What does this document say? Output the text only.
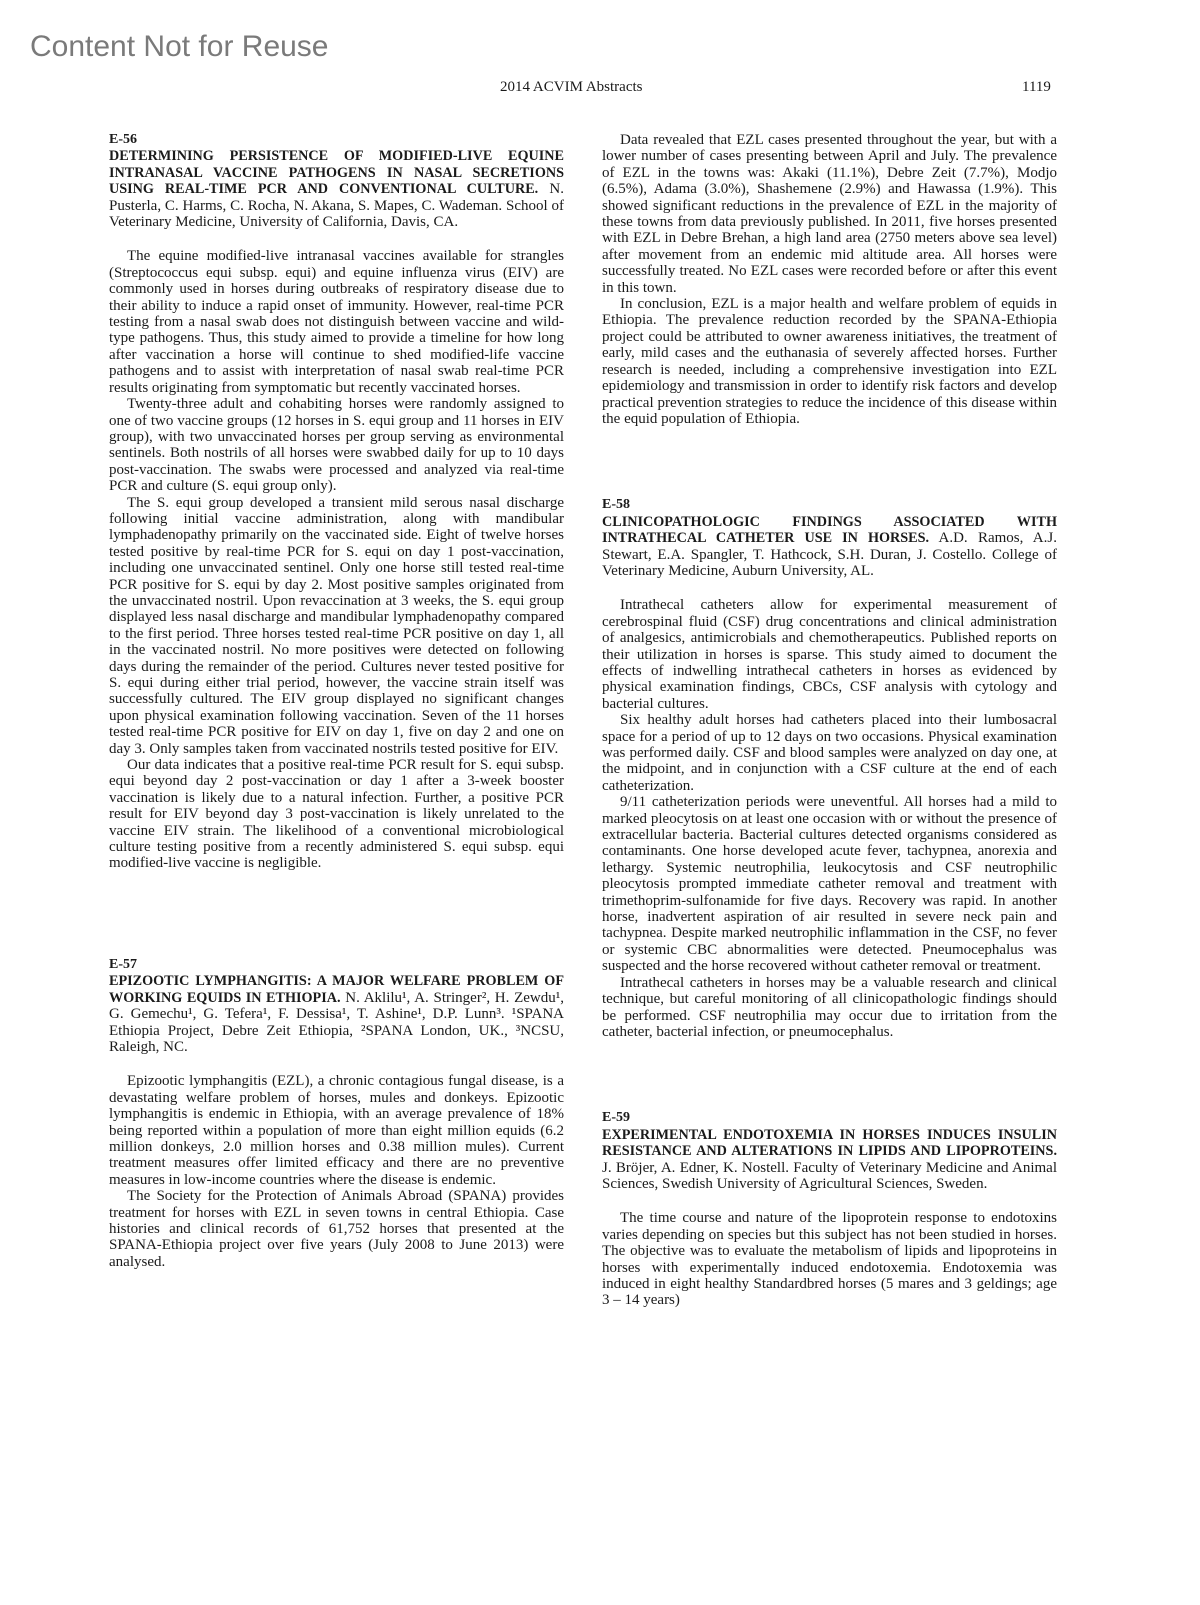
Content Not for Reuse
2014 ACVIM Abstracts	1119
E-56
DETERMINING PERSISTENCE OF MODIFIED-LIVE EQUINE INTRANASAL VACCINE PATHOGENS IN NASAL SECRETIONS USING REAL-TIME PCR AND CONVENTIONAL CULTURE. N. Pusterla, C. Harms, C. Rocha, N. Akana, S. Mapes, C. Wademan. School of Veterinary Medicine, University of California, Davis, CA.

The equine modified-live intranasal vaccines available for strangles (Streptococcus equi subsp. equi) and equine influenza virus (EIV) are commonly used in horses during outbreaks of respiratory disease due to their ability to induce a rapid onset of immunity. However, real-time PCR testing from a nasal swab does not distinguish between vaccine and wild-type pathogens. Thus, this study aimed to provide a timeline for how long after vaccination a horse will continue to shed modified-life vaccine pathogens and to assist with interpretation of nasal swab real-time PCR results originating from symptomatic but recently vaccinated horses.

Twenty-three adult and cohabiting horses were randomly assigned to one of two vaccine groups (12 horses in S. equi group and 11 horses in EIV group), with two unvaccinated horses per group serving as environmental sentinels. Both nostrils of all horses were swabbed daily for up to 10 days post-vaccination. The swabs were processed and analyzed via real-time PCR and culture (S. equi group only).

The S. equi group developed a transient mild serous nasal discharge following initial vaccine administration, along with mandibular lymphadenopathy primarily on the vaccinated side. Eight of twelve horses tested positive by real-time PCR for S. equi on day 1 post-vaccination, including one unvaccinated sentinel. Only one horse still tested real-time PCR positive for S. equi by day 2. Most positive samples originated from the unvaccinated nostril. Upon revaccination at 3 weeks, the S. equi group displayed less nasal discharge and mandibular lymphadenopathy compared to the first period. Three horses tested real-time PCR positive on day 1, all in the vaccinated nostril. No more positives were detected on following days during the remainder of the period. Cultures never tested positive for S. equi during either trial period, however, the vaccine strain itself was successfully cultured. The EIV group displayed no significant changes upon physical examination following vaccination. Seven of the 11 horses tested real-time PCR positive for EIV on day 1, five on day 2 and one on day 3. Only samples taken from vaccinated nostrils tested positive for EIV.

Our data indicates that a positive real-time PCR result for S. equi subsp. equi beyond day 2 post-vaccination or day 1 after a 3-week booster vaccination is likely due to a natural infection. Further, a positive PCR result for EIV beyond day 3 post-vaccination is likely unrelated to the vaccine EIV strain. The likelihood of a conventional microbiological culture testing positive from a recently administered S. equi subsp. equi modified-live vaccine is negligible.

E-57
EPIZOOTIC LYMPHANGITIS: A MAJOR WELFARE PROBLEM OF WORKING EQUIDS IN ETHIOPIA. N. Aklilu¹, A. Stringer², H. Zewdu¹, G. Gemechu¹, G. Tefera¹, F. Dessisa¹, T. Ashine¹, D.P. Lunn³. ¹SPANA Ethiopia Project, Debre Zeit Ethiopia, ²SPANA London, UK., ³NCSU, Raleigh, NC.

Epizootic lymphangitis (EZL), a chronic contagious fungal disease, is a devastating welfare problem of horses, mules and donkeys. Epizootic lymphangitis is endemic in Ethiopia, with an average prevalence of 18% being reported within a population of more than eight million equids (6.2 million donkeys, 2.0 million horses and 0.38 million mules). Current treatment measures offer limited efficacy and there are no preventive measures in low-income countries where the disease is endemic.

The Society for the Protection of Animals Abroad (SPANA) provides treatment for horses with EZL in seven towns in central Ethiopia. Case histories and clinical records of 61,752 horses that presented at the SPANA-Ethiopia project over five years (July 2008 to June 2013) were analysed.

Data revealed that EZL cases presented throughout the year, but with a lower number of cases presenting between April and July. The prevalence of EZL in the towns was: Akaki (11.1%), Debre Zeit (7.7%), Modjo (6.5%), Adama (3.0%), Shashemene (2.9%) and Hawassa (1.9%). This showed significant reductions in the prevalence of EZL in the majority of these towns from data previously published. In 2011, five horses presented with EZL in Debre Brehan, a high land area (2750 meters above sea level) after movement from an endemic mid altitude area. All horses were successfully treated. No EZL cases were recorded before or after this event in this town.

In conclusion, EZL is a major health and welfare problem of equids in Ethiopia. The prevalence reduction recorded by the SPANA-Ethiopia project could be attributed to owner awareness initiatives, the treatment of early, mild cases and the euthanasia of severely affected horses. Further research is needed, including a comprehensive investigation into EZL epidemiology and transmission in order to identify risk factors and develop practical prevention strategies to reduce the incidence of this disease within the equid population of Ethiopia.

E-58
CLINICOPATHOLOGIC FINDINGS ASSOCIATED WITH INTRATHECAL CATHETER USE IN HORSES. A.D. Ramos, A.J. Stewart, E.A. Spangler, T. Hathcock, S.H. Duran, J. Costello. College of Veterinary Medicine, Auburn University, AL.

Intrathecal catheters allow for experimental measurement of cerebrospinal fluid (CSF) drug concentrations and clinical administration of analgesics, antimicrobials and chemotherapeutics. Published reports on their utilization in horses is sparse. This study aimed to document the effects of indwelling intrathecal catheters in horses as evidenced by physical examination findings, CBCs, CSF analysis with cytology and bacterial cultures.

Six healthy adult horses had catheters placed into their lumbosacral space for a period of up to 12 days on two occasions. Physical examination was performed daily. CSF and blood samples were analyzed on day one, at the midpoint, and in conjunction with a CSF culture at the end of each catheterization.

9/11 catheterization periods were uneventful. All horses had a mild to marked pleocytosis on at least one occasion with or without the presence of extracellular bacteria. Bacterial cultures detected organisms considered as contaminants. One horse developed acute fever, tachypnea, anorexia and lethargy. Systemic neutrophilia, leukocytosis and CSF neutrophilic pleocytosis prompted immediate catheter removal and treatment with trimethoprim-sulfonamide for five days. Recovery was rapid. In another horse, inadvertent aspiration of air resulted in severe neck pain and tachypnea. Despite marked neutrophilic inflammation in the CSF, no fever or systemic CBC abnormalities were detected. Pneumocephalus was suspected and the horse recovered without catheter removal or treatment.

Intrathecal catheters in horses may be a valuable research and clinical technique, but careful monitoring of all clinicopathologic findings should be performed. CSF neutrophilia may occur due to irritation from the catheter, bacterial infection, or pneumocephalus.

E-59
EXPERIMENTAL ENDOTOXEMIA IN HORSES INDUCES INSULIN RESISTANCE AND ALTERATIONS IN LIPIDS AND LIPOPROTEINS. J. Bröjer, A. Edner, K. Nostell. Faculty of Veterinary Medicine and Animal Sciences, Swedish University of Agricultural Sciences, Sweden.

The time course and nature of the lipoprotein response to endotoxins varies depending on species but this subject has not been studied in horses. The objective was to evaluate the metabolism of lipids and lipoproteins in horses with experimentally induced endotoxemia. Endotoxemia was induced in eight healthy Standardbred horses (5 mares and 3 geldings; age 3 – 14 years)
